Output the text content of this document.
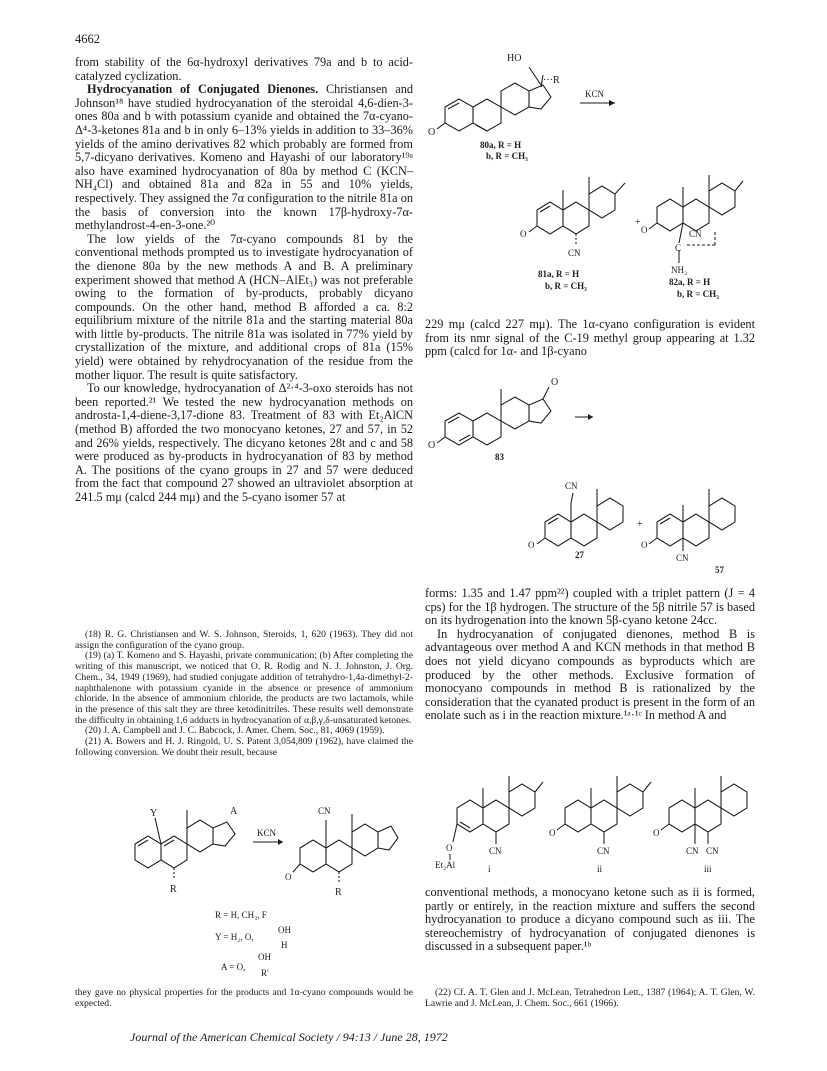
4662

from stability of the 6α-hydroxyl derivatives 79a and b to acid-catalyzed cyclization.

Hydrocyanation of Conjugated Dienones. Christiansen and Johnson¹⁸ have studied hydrocyanation of the steroidal 4,6-dien-3-ones 80a and b with potassium cyanide and obtained the 7α-cyano-Δ⁴-3-ketones 81a and b in only 6–13% yields in addition to 33–36% yields of the amino derivatives 82 which probably are formed from 5,7-dicyano derivatives. Komeno and Hayashi of our laboratory¹⁹ᵃ also have examined hydrocyanation of 80a by method C (KCN–NH₄Cl) and obtained 81a and 82a in 55 and 10% yields, respectively. They assigned the 7α configuration to the nitrile 81a on the basis of conversion into the known 17β-hydroxy-7α-methylandrost-4-en-3-one.²⁰

The low yields of the 7α-cyano compounds 81 by the conventional methods prompted us to investigate hydrocyanation of the dienone 80a by the new methods A and B. A preliminary experiment showed that method A (HCN–AlEt₃) was not preferable owing to the formation of by-products, probably dicyano compounds. On the other hand, method B afforded a ca. 8:2 equilibrium mixture of the nitrile 81a and the starting material 80a with little by-products. The nitrile 81a was isolated in 77% yield by crystallization of the mixture, and additional crops of 81a (15% yield) were obtained by rehydrocyanation of the residue from the mother liquor. The result is quite satisfactory.

To our knowledge, hydrocyanation of Δ²·⁴-3-oxo steroids has not been reported.²¹ We tested the new hydrocyanation methods on androsta-1,4-diene-3,17-dione 83. Treatment of 83 with Et₂AlCN (method B) afforded the two monocyano ketones, 27 and 57, in 52 and 26% yields, respectively. The dicyano ketones 28t and c and 58 were produced as by-products in hydrocyanation of 83 by method A. The positions of the cyano groups in 27 and 57 were deduced from the fact that compound 27 showed an ultraviolet absorption at 241.5 mμ (calcd 244 mμ) and the 5-cyano isomer 57 at

(18) R. G. Christiansen and W. S. Johnson, Steroids, 1, 620 (1963). They did not assign the configuration of the cyano group.

(19) (a) T. Komeno and S. Hayashi, private communication; (b) After completing the writing of this manuscript, we noticed that O. R. Rodig and N. J. Johnston, J. Org. Chem., 34, 1949 (1969), had studied conjugate addition of tetrahydro-1,4a-dimethyl-2-naphthalenone with potassium cyanide in the absence or presence of ammonium chloride. In the absence of ammonium chloride, the products are two lactamols, while in the presence of this salt they are three ketodinitriles. These results well demonstrate the difficulty in obtaining 1,6 adducts in hydrocyanation of α,β,γ,δ-unsaturated ketones.

(20) J. A. Campbell and J. C. Babcock, J. Amer. Chem. Soc., 81, 4069 (1959).

(21) A. Bowers and H. J. Ringold, U. S. Patent 3,054,809 (1962), have claimed the following conversion. We doubt their result, because

they gave no physical properties for the products and 1α-cyano compounds would be expected.

Y	A
R
KCN
CN
O
R
R = H, CH₃, F
Y = H₂, O,
OH
H
A = O,
OH
R′
HO
···R
O
KCN
80a, R = H
b, R = CH₃
O
CN
+
81a, R = H
b, R = CH₃
O	CN
C
NH₂
82a, R = H
b, R = CH₃

229 mμ (calcd 227 mμ). The 1α-cyano configuration is evident from its nmr signal of the C-19 methyl group appearing at 1.32 ppm (calcd for 1α- and 1β-cyano

O
O
83
CN
O
27
+
O
CN
57

forms: 1.35 and 1.47 ppm²²) coupled with a triplet pattern (J = 4 cps) for the 1β hydrogen. The structure of the 5β nitrile 57 is based on its hydrogenation into the known 5β-cyano ketone 24cc.

In hydrocyanation of conjugated dienones, method B is advantageous over method A and KCN methods in that method B does not yield dicyano compounds as byproducts which are produced by the other methods. Exclusive formation of monocyano compounds in method B is rationalized by the consideration that the cyanated product is present in the form of an enolate such as i in the reaction mixture.¹ᵃ·¹ᶜ In method A and

O
Et₂Al
CN
i
O
CN
ii
O
CN CN
iii

conventional methods, a monocyano ketone such as ii is formed, partly or entirely, in the reaction mixture and suffers the second hydrocyanation to produce a dicyano compound such as iii. The stereochemistry of hydrocyanation of conjugated dienones is discussed in a subsequent paper.¹ᵇ

(22) Cf. A. T. Glen and J. McLean, Tetrahedron Lett., 1387 (1964); A. T. Glen, W. Lawrie and J. McLean, J. Chem. Soc., 661 (1966).

Journal of the American Chemical Society / 94:13 / June 28, 1972
